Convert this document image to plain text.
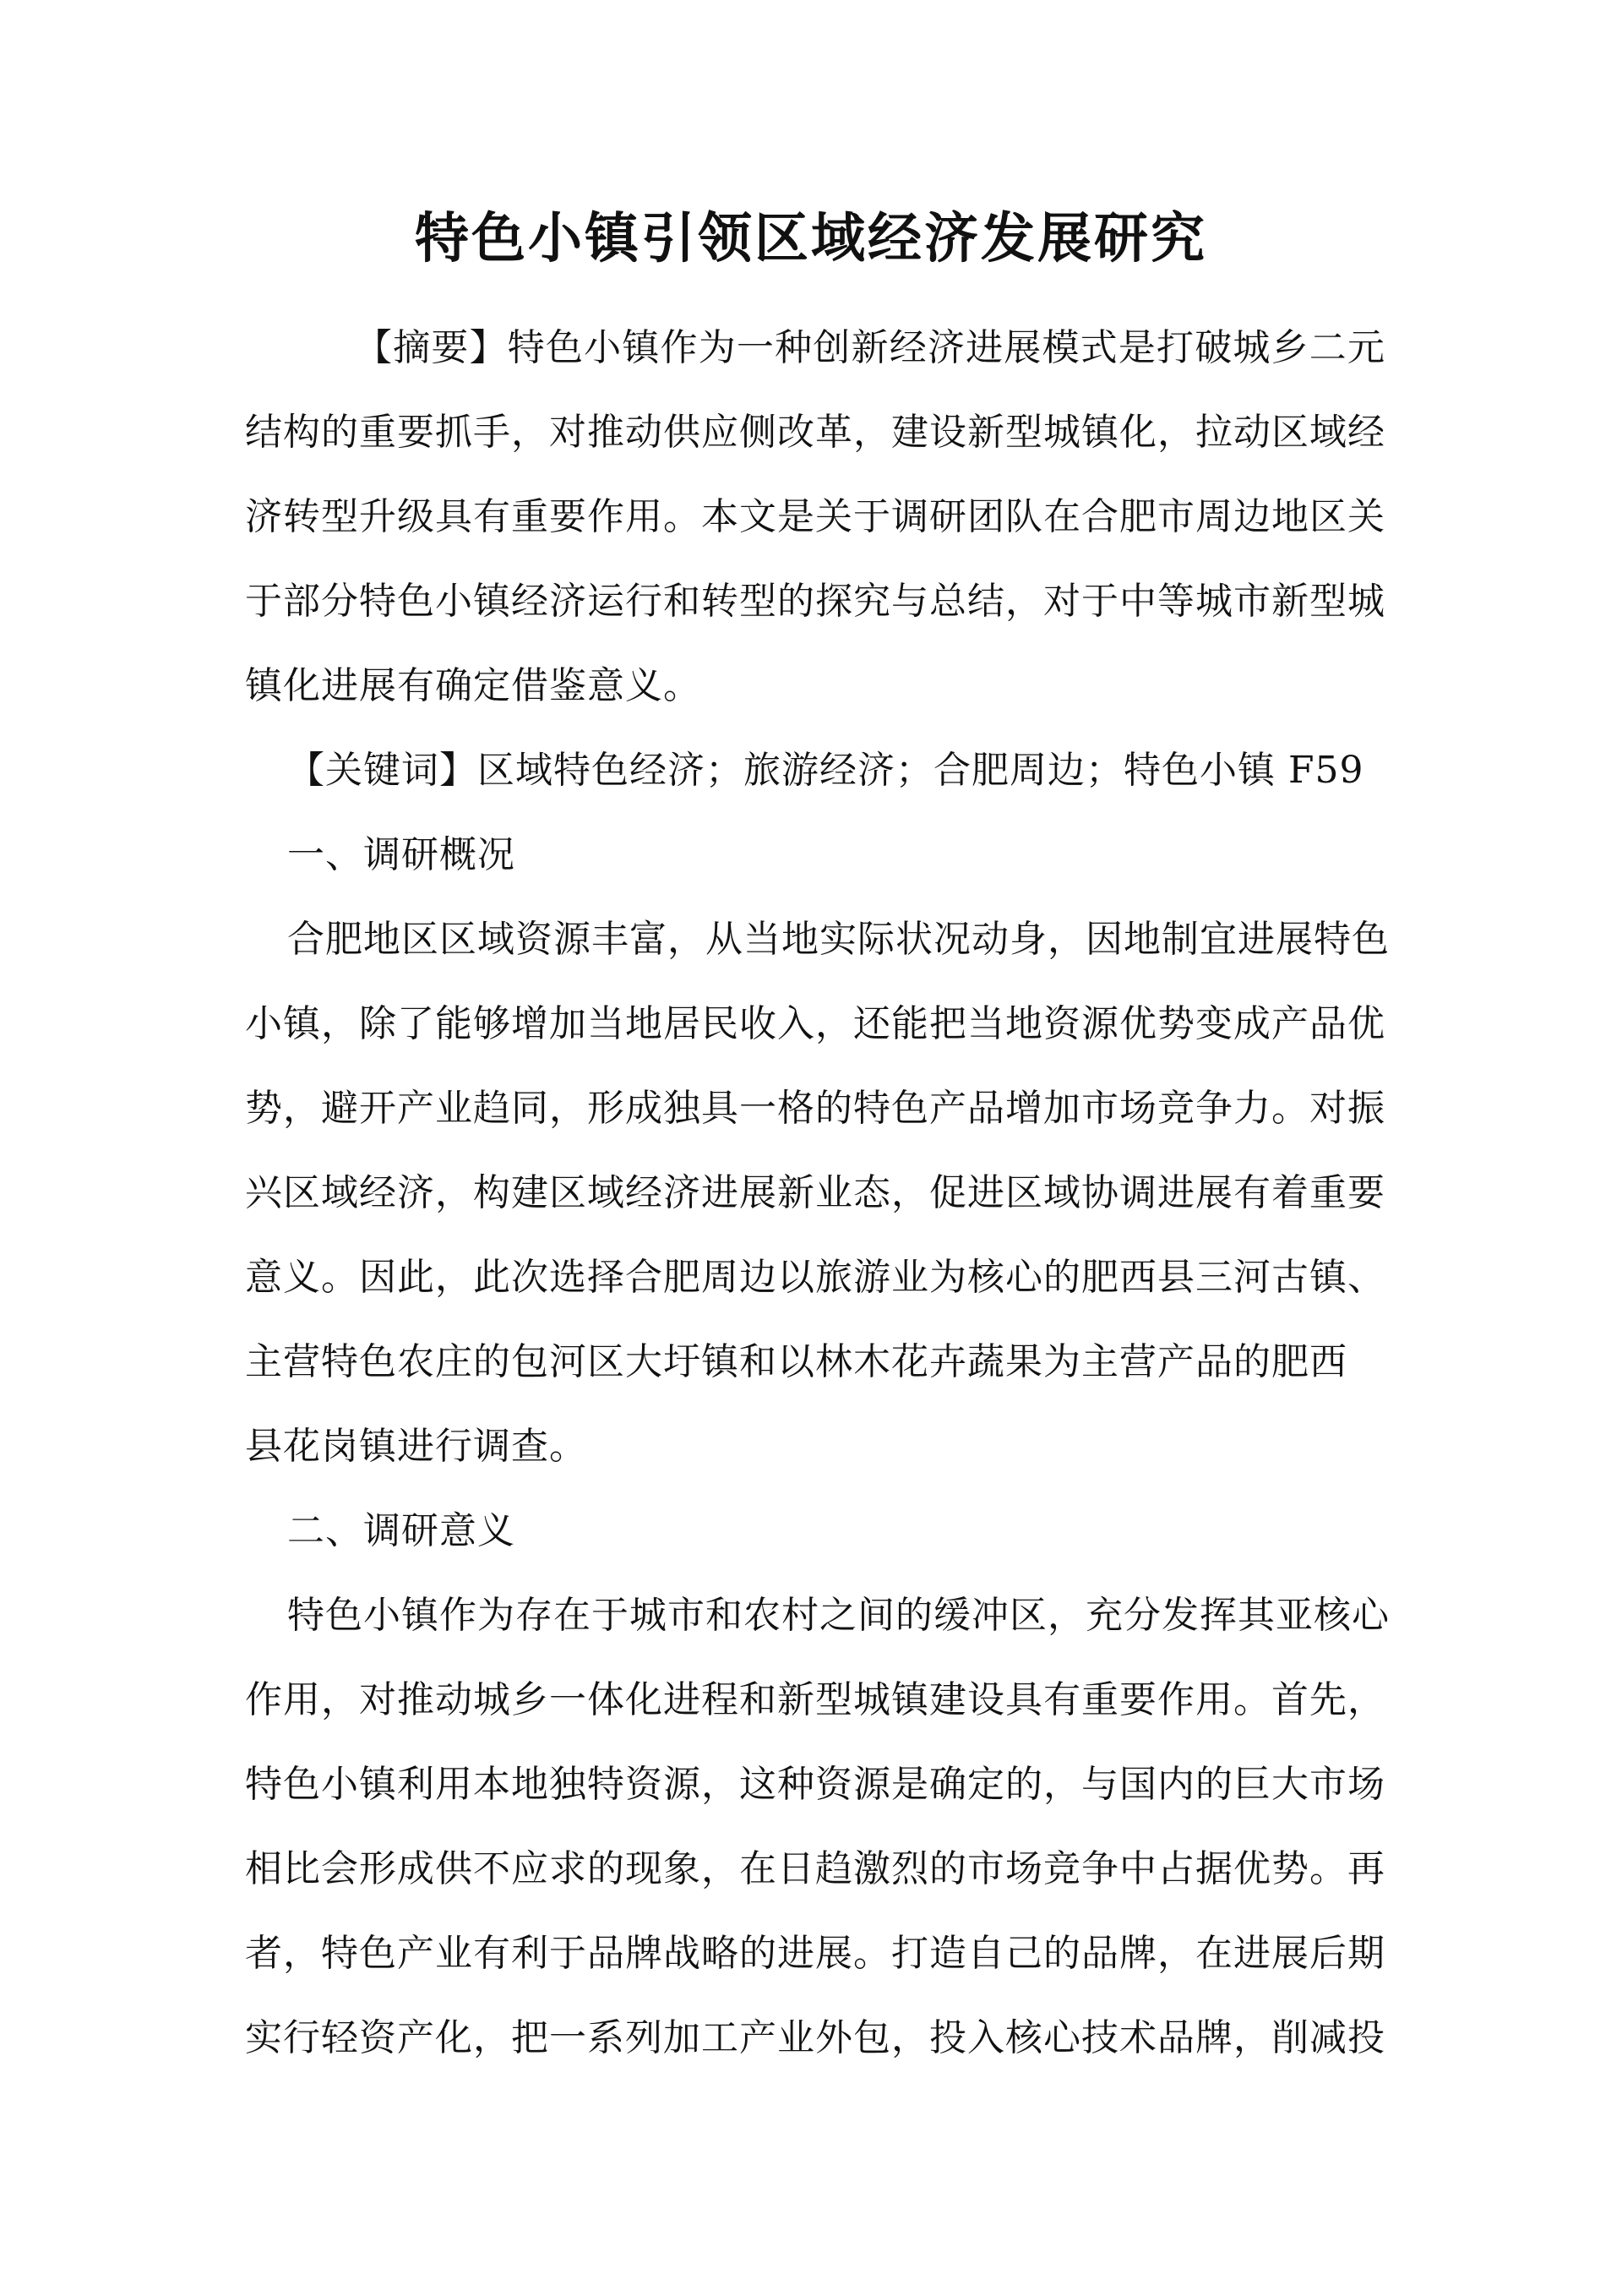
特色小镇引领区域经济发展研究
【摘要】特色小镇作为一种创新经济进展模式是打破城乡二元
结构的重要抓手，对推动供应侧改革，建设新型城镇化，拉动区域经
济转型升级具有重要作用。本文是关于调研团队在合肥市周边地区关
于部分特色小镇经济运行和转型的探究与总结，对于中等城市新型城
镇化进展有确定借鉴意义。
【关键词】区域特色经济；旅游经济；合肥周边；特色小镇 F59
一、调研概况
合肥地区区域资源丰富，从当地实际状况动身，因地制宜进展特色
小镇，除了能够增加当地居民收入，还能把当地资源优势变成产品优
势，避开产业趋同，形成独具一格的特色产品增加市场竞争力。对振
兴区域经济，构建区域经济进展新业态，促进区域协调进展有着重要
意义。因此，此次选择合肥周边以旅游业为核心的肥西县三河古镇、
主营特色农庄的包河区大圩镇和以林木花卉蔬果为主营产品的肥西
县花岗镇进行调查。
二、调研意义
特色小镇作为存在于城市和农村之间的缓冲区，充分发挥其亚核心
作用，对推动城乡一体化进程和新型城镇建设具有重要作用。首先，
特色小镇利用本地独特资源，这种资源是确定的，与国内的巨大市场
相比会形成供不应求的现象，在日趋激烈的市场竞争中占据优势。再
者，特色产业有利于品牌战略的进展。打造自己的品牌，在进展后期
实行轻资产化，把一系列加工产业外包，投入核心技术品牌，削减投
